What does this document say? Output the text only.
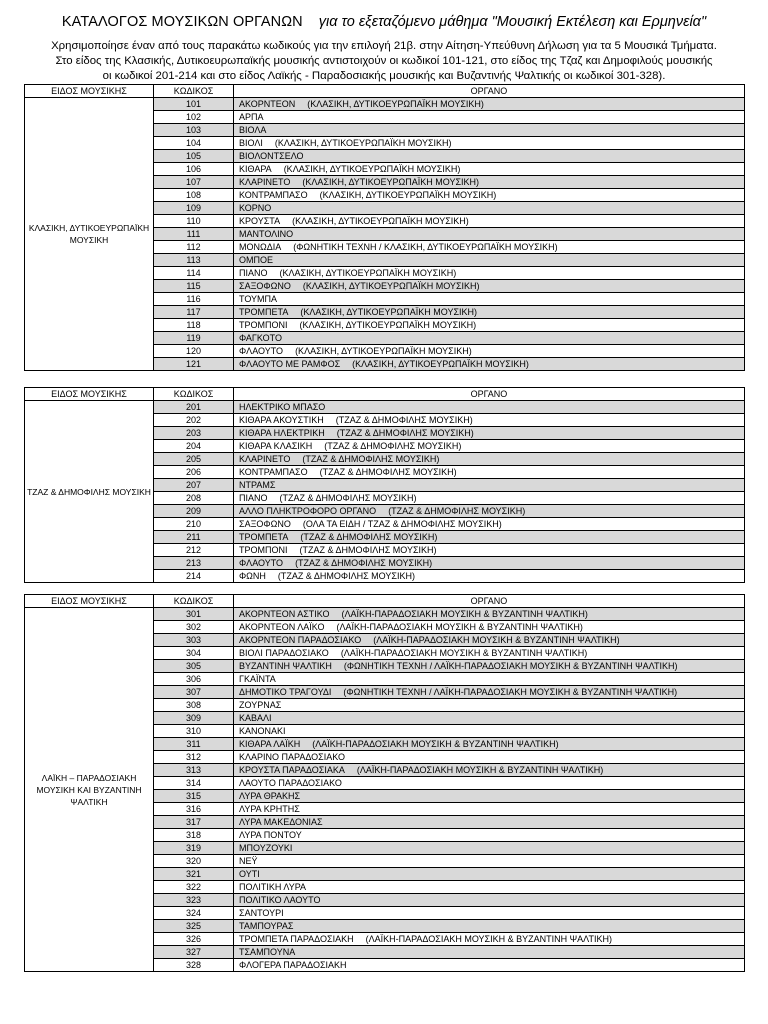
ΚΑΤΑΛΟΓΟΣ ΜΟΥΣΙΚΩΝ ΟΡΓΑΝΩΝ για το εξεταζόμενο μάθημα "Μουσική Εκτέλεση και Ερμηνεία"
Χρησιμοποίησε έναν από τους παρακάτω κωδικούς για την επιλογή 21β. στην Αίτηση-Υπεύθυνη Δήλωση για τα 5 Μουσικά Τμήματα.
Στο είδος της Κλασικής, Δυτικοευρωπαϊκής μουσικής αντιστοιχούν οι κωδικοί 101-121, στο είδος της Τζαζ και Δημοφιλούς μουσικής
οι κωδικοί 201-214 και στο είδος Λαϊκής - Παραδοσιακής μουσικής και Βυζαντινής Ψαλτικής οι κωδικοί 301-328).
ΕΙΔΟΣ ΜΟΥΣΙΚΗΣ	ΚΩΔΙΚΟΣ	ΟΡΓΑΝΟ
ΚΛΑΣΙΚΗ, ΔΥΤΙΚΟΕΥΡΩΠΑΪΚΗ ΜΟΥΣΙΚΗ	101	ΑΚΟΡΝΤΕΟΝ (ΚΛΑΣΙΚΗ, ΔΥΤΙΚΟΕΥΡΩΠΑΪΚΗ ΜΟΥΣΙΚΗ)
	102	ΑΡΠΑ
	103	ΒΙΟΛΑ
	104	ΒΙΟΛΙ (ΚΛΑΣΙΚΗ, ΔΥΤΙΚΟΕΥΡΩΠΑΪΚΗ ΜΟΥΣΙΚΗ)
	105	ΒΙΟΛΟΝΤΣΕΛΟ
	106	ΚΙΘΑΡΑ (ΚΛΑΣΙΚΗ, ΔΥΤΙΚΟΕΥΡΩΠΑΪΚΗ ΜΟΥΣΙΚΗ)
	107	ΚΛΑΡΙΝΕΤΟ (ΚΛΑΣΙΚΗ, ΔΥΤΙΚΟΕΥΡΩΠΑΪΚΗ ΜΟΥΣΙΚΗ)
	108	ΚΟΝΤΡΑΜΠΑΣΟ (ΚΛΑΣΙΚΗ, ΔΥΤΙΚΟΕΥΡΩΠΑΪΚΗ ΜΟΥΣΙΚΗ)
	109	ΚΟΡΝΟ
	110	ΚΡΟΥΣΤΑ (ΚΛΑΣΙΚΗ, ΔΥΤΙΚΟΕΥΡΩΠΑΪΚΗ ΜΟΥΣΙΚΗ)
	111	ΜΑΝΤΟΛΙΝΟ
	112	ΜΟΝΩΔΙΑ (ΦΩΝΗΤΙΚΗ ΤΕΧΝΗ / ΚΛΑΣΙΚΗ, ΔΥΤΙΚΟΕΥΡΩΠΑΪΚΗ ΜΟΥΣΙΚΗ)
	113	ΟΜΠΟΕ
	114	ΠΙΑΝΟ (ΚΛΑΣΙΚΗ, ΔΥΤΙΚΟΕΥΡΩΠΑΪΚΗ ΜΟΥΣΙΚΗ)
	115	ΣΑΞΟΦΩΝΟ (ΚΛΑΣΙΚΗ, ΔΥΤΙΚΟΕΥΡΩΠΑΪΚΗ ΜΟΥΣΙΚΗ)
	116	ΤΟΥΜΠΑ
	117	ΤΡΟΜΠΕΤΑ (ΚΛΑΣΙΚΗ, ΔΥΤΙΚΟΕΥΡΩΠΑΪΚΗ ΜΟΥΣΙΚΗ)
	118	ΤΡΟΜΠΟΝΙ (ΚΛΑΣΙΚΗ, ΔΥΤΙΚΟΕΥΡΩΠΑΪΚΗ ΜΟΥΣΙΚΗ)
	119	ΦΑΓΚΟΤΟ
	120	ΦΛΑΟΥΤΟ (ΚΛΑΣΙΚΗ, ΔΥΤΙΚΟΕΥΡΩΠΑΪΚΗ ΜΟΥΣΙΚΗ)
	121	ΦΛΑΟΥΤΟ ΜΕ ΡΑΜΦΟΣ (ΚΛΑΣΙΚΗ, ΔΥΤΙΚΟΕΥΡΩΠΑΪΚΗ ΜΟΥΣΙΚΗ)
ΕΙΔΟΣ ΜΟΥΣΙΚΗΣ	ΚΩΔΙΚΟΣ	ΟΡΓΑΝΟ
ΤΖΑΖ & ΔΗΜΟΦΙΛΗΣ ΜΟΥΣΙΚΗ	201	ΗΛΕΚΤΡΙΚΟ ΜΠΑΣΟ
	202	ΚΙΘΑΡΑ ΑΚΟΥΣΤΙΚΗ (ΤΖΑΖ & ΔΗΜΟΦΙΛΗΣ ΜΟΥΣΙΚΗ)
	203	ΚΙΘΑΡΑ ΗΛΕΚΤΡΙΚΗ (ΤΖΑΖ & ΔΗΜΟΦΙΛΗΣ ΜΟΥΣΙΚΗ)
	204	ΚΙΘΑΡΑ ΚΛΑΣΙΚΗ (ΤΖΑΖ & ΔΗΜΟΦΙΛΗΣ ΜΟΥΣΙΚΗ)
	205	ΚΛΑΡΙΝΕΤΟ (ΤΖΑΖ & ΔΗΜΟΦΙΛΗΣ ΜΟΥΣΙΚΗ)
	206	ΚΟΝΤΡΑΜΠΑΣΟ (ΤΖΑΖ & ΔΗΜΟΦΙΛΗΣ ΜΟΥΣΙΚΗ)
	207	ΝΤΡΑΜΣ
	208	ΠΙΑΝΟ (ΤΖΑΖ & ΔΗΜΟΦΙΛΗΣ ΜΟΥΣΙΚΗ)
	209	ΑΛΛΟ ΠΛΗΚΤΡΟΦΟΡΟ ΟΡΓΑΝΟ (ΤΖΑΖ & ΔΗΜΟΦΙΛΗΣ ΜΟΥΣΙΚΗ)
	210	ΣΑΞΟΦΩΝΟ (ΟΛΑ ΤΑ ΕΙΔΗ / ΤΖΑΖ & ΔΗΜΟΦΙΛΗΣ ΜΟΥΣΙΚΗ)
	211	ΤΡΟΜΠΕΤΑ (ΤΖΑΖ & ΔΗΜΟΦΙΛΗΣ ΜΟΥΣΙΚΗ)
	212	ΤΡΟΜΠΟΝΙ (ΤΖΑΖ & ΔΗΜΟΦΙΛΗΣ ΜΟΥΣΙΚΗ)
	213	ΦΛΑΟΥΤΟ (ΤΖΑΖ & ΔΗΜΟΦΙΛΗΣ ΜΟΥΣΙΚΗ)
	214	ΦΩΝΗ (ΤΖΑΖ & ΔΗΜΟΦΙΛΗΣ ΜΟΥΣΙΚΗ)
ΕΙΔΟΣ ΜΟΥΣΙΚΗΣ	ΚΩΔΙΚΟΣ	ΟΡΓΑΝΟ
ΛΑΪΚΗ – ΠΑΡΑΔΟΣΙΑΚΗ ΜΟΥΣΙΚΗ ΚΑΙ ΒΥΖΑΝΤΙΝΗ ΨΑΛΤΙΚΗ	301	ΑΚΟΡΝΤΕΟΝ ΑΣΤΙΚΟ (ΛΑΪΚΗ-ΠΑΡΑΔΟΣΙΑΚΗ ΜΟΥΣΙΚΗ & ΒΥΖΑΝΤΙΝΗ ΨΑΛΤΙΚΗ)
	302	ΑΚΟΡΝΤΕΟΝ ΛΑΪΚΟ (ΛΑΪΚΗ-ΠΑΡΑΔΟΣΙΑΚΗ ΜΟΥΣΙΚΗ & ΒΥΖΑΝΤΙΝΗ ΨΑΛΤΙΚΗ)
	303	ΑΚΟΡΝΤΕΟΝ ΠΑΡΑΔΟΣΙΑΚΟ (ΛΑΪΚΗ-ΠΑΡΑΔΟΣΙΑΚΗ ΜΟΥΣΙΚΗ & ΒΥΖΑΝΤΙΝΗ ΨΑΛΤΙΚΗ)
	304	ΒΙΟΛΙ ΠΑΡΑΔΟΣΙΑΚΟ (ΛΑΪΚΗ-ΠΑΡΑΔΟΣΙΑΚΗ ΜΟΥΣΙΚΗ & ΒΥΖΑΝΤΙΝΗ ΨΑΛΤΙΚΗ)
	305	ΒΥΖΑΝΤΙΝΗ ΨΑΛΤΙΚΗ (ΦΩΝΗΤΙΚΗ ΤΕΧΝΗ / ΛΑΪΚΗ-ΠΑΡΑΔΟΣΙΑΚΗ ΜΟΥΣΙΚΗ & ΒΥΖΑΝΤΙΝΗ ΨΑΛΤΙΚΗ)
	306	ΓΚΑΪΝΤΑ
	307	ΔΗΜΟΤΙΚΟ ΤΡΑΓΟΥΔΙ (ΦΩΝΗΤΙΚΗ ΤΕΧΝΗ / ΛΑΪΚΗ-ΠΑΡΑΔΟΣΙΑΚΗ ΜΟΥΣΙΚΗ & ΒΥΖΑΝΤΙΝΗ ΨΑΛΤΙΚΗ)
	308	ΖΟΥΡΝΑΣ
	309	ΚΑΒΑΛΙ
	310	ΚΑΝΟΝΑΚΙ
	311	ΚΙΘΑΡΑ ΛΑΪΚΗ (ΛΑΪΚΗ-ΠΑΡΑΔΟΣΙΑΚΗ ΜΟΥΣΙΚΗ & ΒΥΖΑΝΤΙΝΗ ΨΑΛΤΙΚΗ)
	312	ΚΛΑΡΙΝΟ ΠΑΡΑΔΟΣΙΑΚΟ
	313	ΚΡΟΥΣΤΑ ΠΑΡΑΔΟΣΙΑΚΑ (ΛΑΪΚΗ-ΠΑΡΑΔΟΣΙΑΚΗ ΜΟΥΣΙΚΗ & ΒΥΖΑΝΤΙΝΗ ΨΑΛΤΙΚΗ)
	314	ΛΑΟΥΤΟ ΠΑΡΑΔΟΣΙΑΚΟ
	315	ΛΥΡΑ ΘΡΑΚΗΣ
	316	ΛΥΡΑ ΚΡΗΤΗΣ
	317	ΛΥΡΑ ΜΑΚΕΔΟΝΙΑΣ
	318	ΛΥΡΑ ΠΟΝΤΟΥ
	319	ΜΠΟΥΖΟΥΚΙ
	320	ΝΕΫ
	321	ΟΥΤΙ
	322	ΠΟΛΙΤΙΚΗ ΛΥΡΑ
	323	ΠΟΛΙΤΙΚΟ ΛΑΟΥΤΟ
	324	ΣΑΝΤΟΥΡΙ
	325	ΤΑΜΠΟΥΡΑΣ
	326	ΤΡΟΜΠΕΤΑ ΠΑΡΑΔΟΣΙΑΚΗ (ΛΑΪΚΗ-ΠΑΡΑΔΟΣΙΑΚΗ ΜΟΥΣΙΚΗ & ΒΥΖΑΝΤΙΝΗ ΨΑΛΤΙΚΗ)
	327	ΤΣΑΜΠΟΥΝΑ
	328	ΦΛΟΓΕΡΑ ΠΑΡΑΔΟΣΙΑΚΗ
